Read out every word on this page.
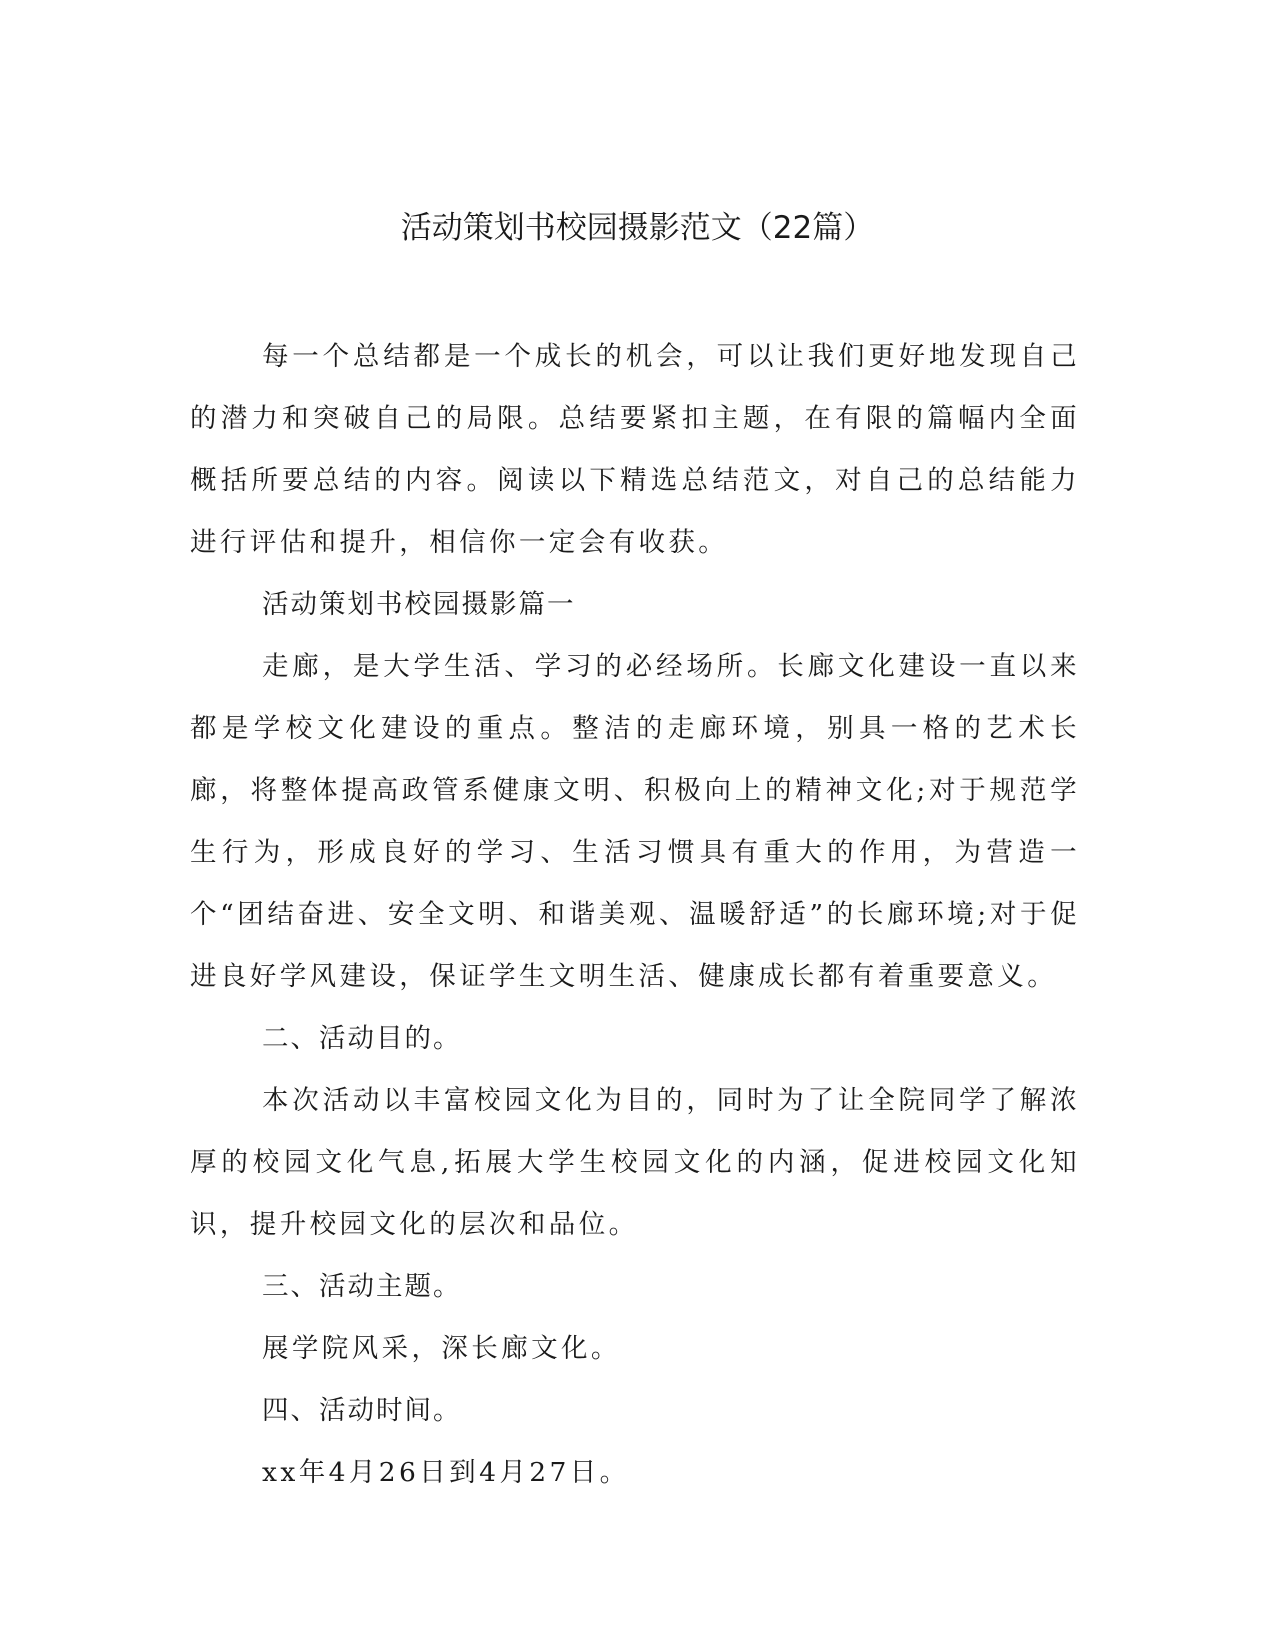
活动策划书校园摄影范文（22篇）

每一个总结都是一个成长的机会，可以让我们更好地发现自己的潜力和突破自己的局限。总结要紧扣主题，在有限的篇幅内全面概括所要总结的内容。阅读以下精选总结范文，对自己的总结能力进行评估和提升，相信你一定会有收获。

活动策划书校园摄影篇一

走廊，是大学生活、学习的必经场所。长廊文化建设一直以来都是学校文化建设的重点。整洁的走廊环境，别具一格的艺术长廊，将整体提高政管系健康文明、积极向上的精神文化;对于规范学生行为，形成良好的学习、生活习惯具有重大的作用，为营造一个“团结奋进、安全文明、和谐美观、温暖舒适”的长廊环境;对于促进良好学风建设，保证学生文明生活、健康成长都有着重要意义。

二、活动目的。

本次活动以丰富校园文化为目的，同时为了让全院同学了解浓厚的校园文化气息,拓展大学生校园文化的内涵，促进校园文化知识，提升校园文化的层次和品位。

三、活动主题。

展学院风采，深长廊文化。

四、活动时间。

xx年4月26日到4月27日。
